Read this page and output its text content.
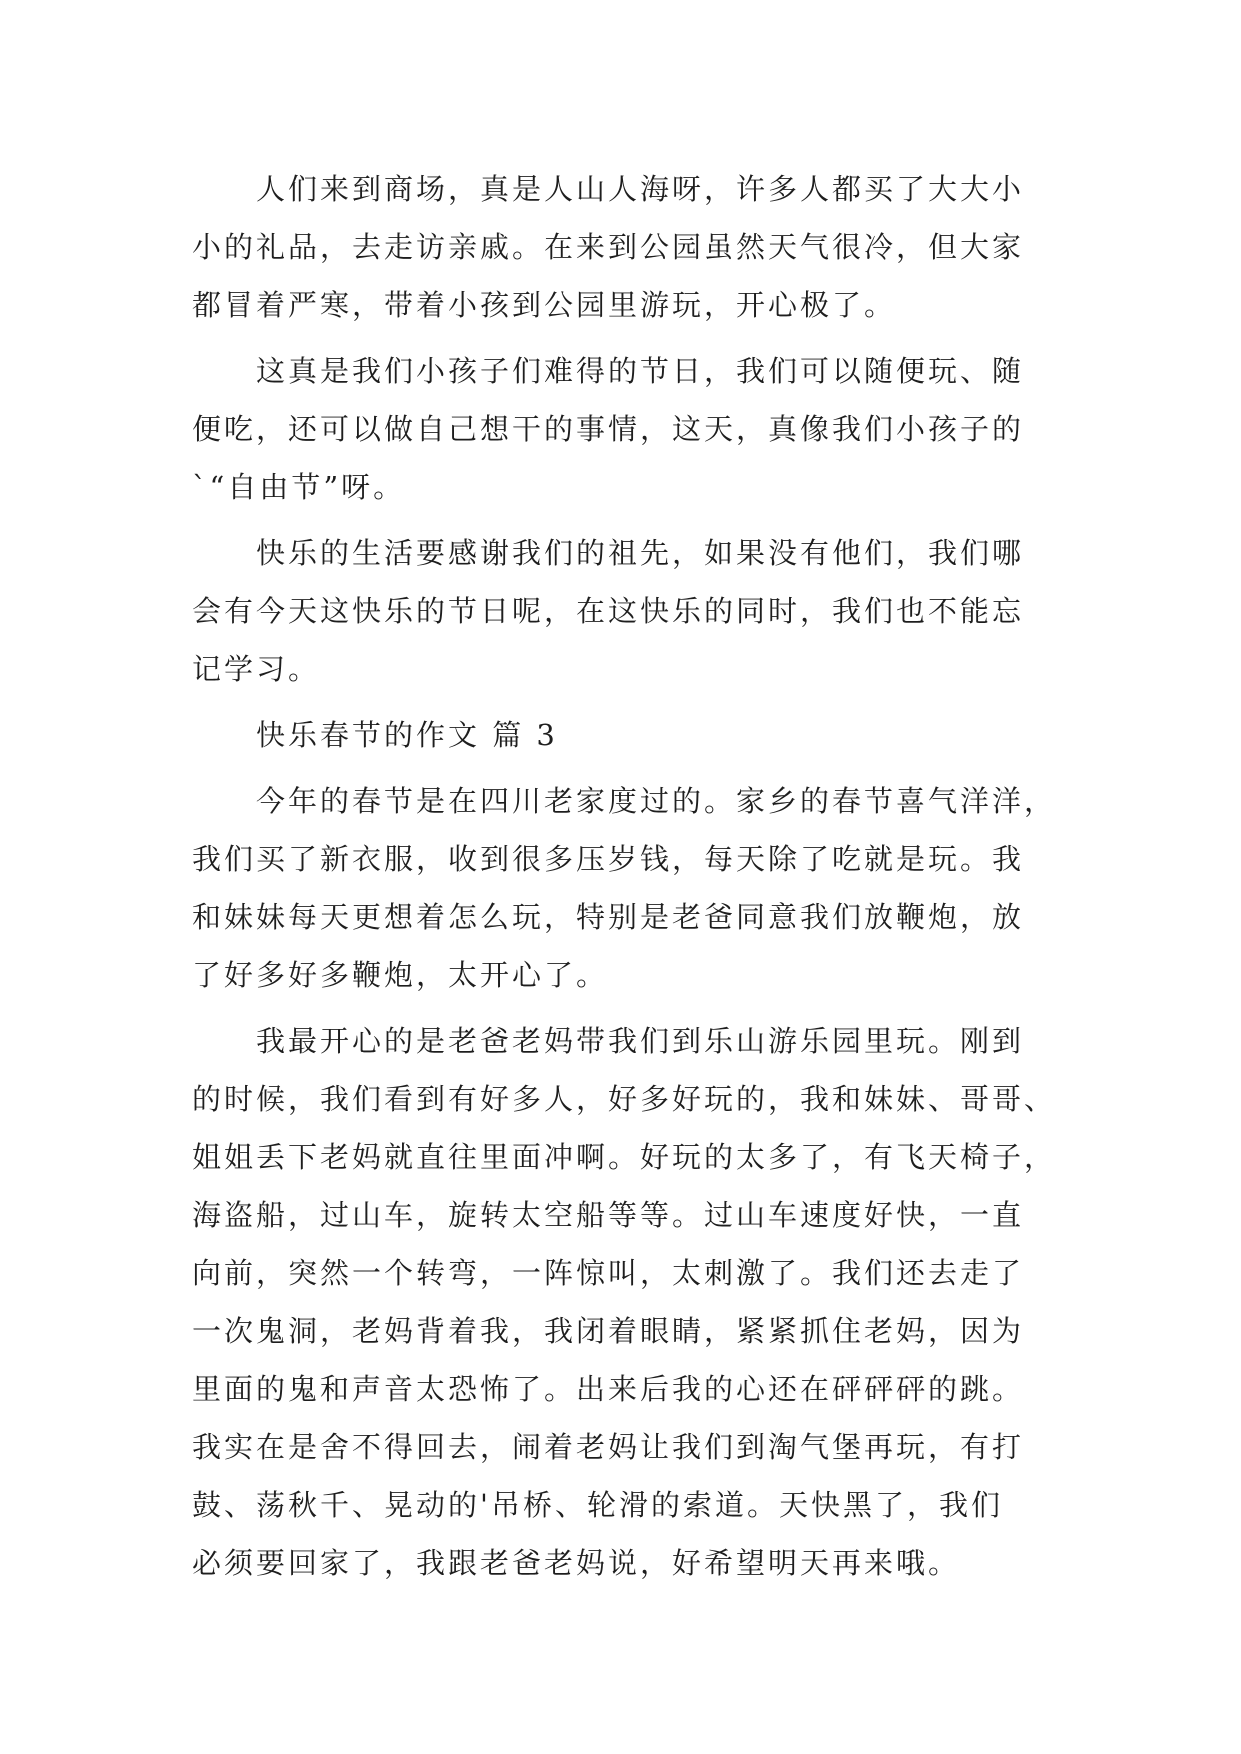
人们来到商场，真是人山人海呀，许多人都买了大大小
小的礼品，去走访亲戚。在来到公园虽然天气很冷，但大家
都冒着严寒，带着小孩到公园里游玩，开心极了。
这真是我们小孩子们难得的节日，我们可以随便玩、随
便吃，还可以做自己想干的事情，这天，真像我们小孩子的
`“自由节”呀。
快乐的生活要感谢我们的祖先，如果没有他们，我们哪
会有今天这快乐的节日呢，在这快乐的同时，我们也不能忘
记学习。
快乐春节的作文 篇 3
今年的春节是在四川老家度过的。家乡的春节喜气洋洋，
我们买了新衣服，收到很多压岁钱，每天除了吃就是玩。我
和妹妹每天更想着怎么玩，特别是老爸同意我们放鞭炮，放
了好多好多鞭炮，太开心了。
我最开心的是老爸老妈带我们到乐山游乐园里玩。刚到
的时候，我们看到有好多人，好多好玩的，我和妹妹、哥哥、
姐姐丢下老妈就直往里面冲啊。好玩的太多了，有飞天椅子，
海盗船，过山车，旋转太空船等等。过山车速度好快，一直
向前，突然一个转弯，一阵惊叫，太刺激了。我们还去走了
一次鬼洞，老妈背着我，我闭着眼睛，紧紧抓住老妈，因为
里面的鬼和声音太恐怖了。出来后我的心还在砰砰砰的跳。
我实在是舍不得回去，闹着老妈让我们到淘气堡再玩，有打
鼓、荡秋千、晃动的'吊桥、轮滑的索道。天快黑了，我们
必须要回家了，我跟老爸老妈说，好希望明天再来哦。
